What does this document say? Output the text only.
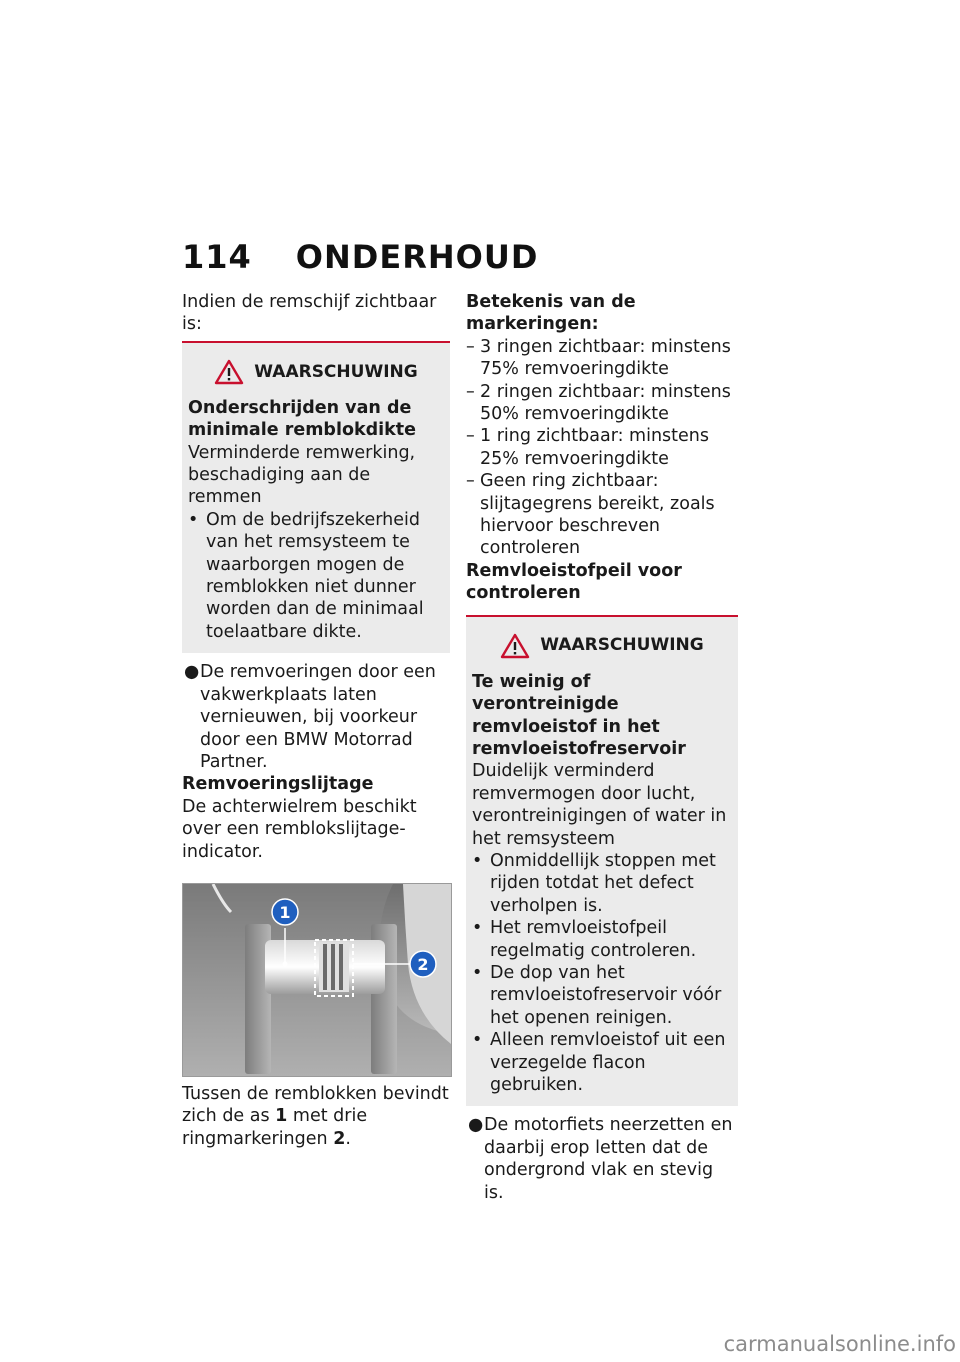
114 ONDERHOUD

Indien de remschijf zichtbaar is:

WAARSCHUWING

Onderschrijden van de minimale remblokdikte

Verminderde remwerking, beschadiging aan de remmen

• Om de bedrijfszekerheid van het remsysteem te waarborgen mogen de remblokken niet dunner worden dan de minimaal toelaatbare dikte.
● De remvoeringen door een vakwerkplaats laten vernieuwen, bij voorkeur door een BMW Motorrad Partner.

Remvoeringslijtage

De achterwielrem beschikt over een remblokslijtage-indicator.

1
2

Tussen de remblokken bevindt zich de as 1 met drie ringmarkeringen 2.

Betekenis van de markeringen:

– 3 ringen zichtbaar: minstens 75% remvoeringdikte
– 2 ringen zichtbaar: minstens 50% remvoeringdikte
– 1 ring zichtbaar: minstens 25% remvoeringdikte
– Geen ring zichtbaar: slijtagegrens bereikt, zoals hiervoor beschreven controleren

Remvloeistofpeil voor controleren

WAARSCHUWING

Te weinig of verontreinigde remvloeistof in het remvloeistofreservoir

Duidelijk verminderd remvermogen door lucht, verontreinigingen of water in het remsysteem

• Onmiddellijk stoppen met rijden totdat het defect verholpen is.
• Het remvloeistofpeil regelmatig controleren.
• De dop van het remvloeistofreservoir vóór het openen reinigen.
• Alleen remvloeistof uit een verzegelde flacon gebruiken.
● De motorfiets neerzetten en daarbij erop letten dat de ondergrond vlak en stevig is.
carmanualsonline.info
